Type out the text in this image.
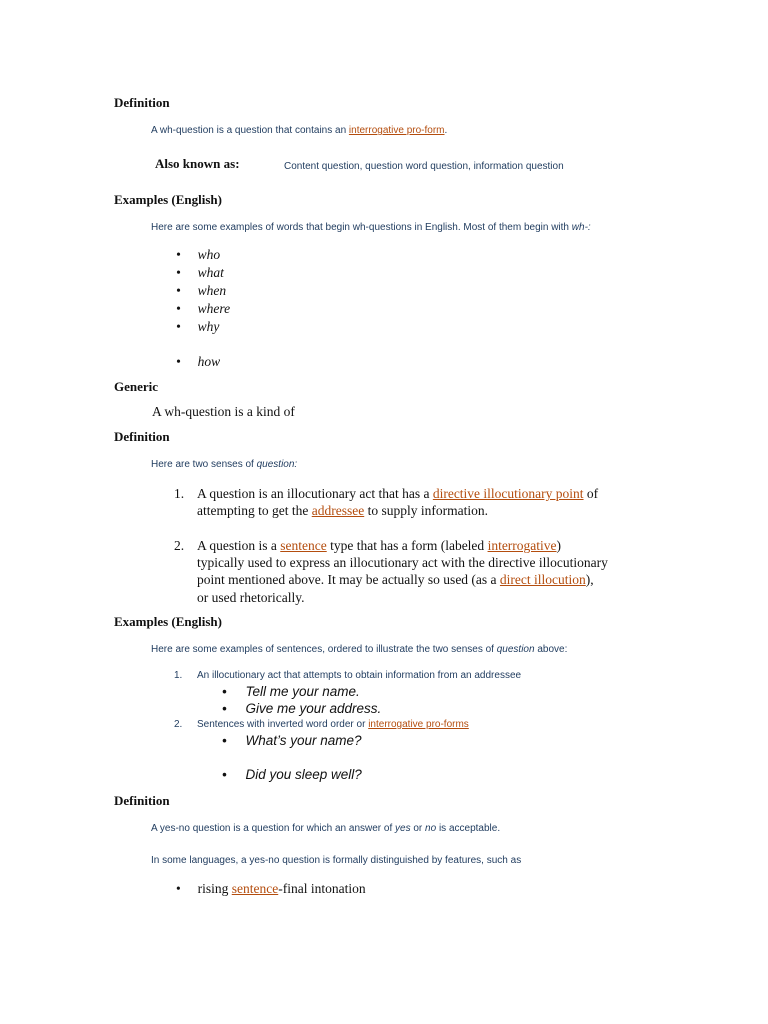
Definition
A wh-question is a question that contains an interrogative pro-form.
Also known as:	Content question, question word question, information question
Examples (English)
Here are some examples of words that begin wh-questions in English. Most of them begin with wh-:
•     who
•     what
•     when
•     where
•     why
•     how
Generic
A wh-question is a kind of
Definition
Here are two senses of question:
1. A question is an illocutionary act that has a directive illocutionary point of
attempting to get the addressee to supply information.
2. A question is a sentence type that has a form (labeled interrogative)
typically used to express an illocutionary act with the directive illocutionary
point mentioned above. It may be actually so used (as a direct illocution),
or used rhetorically.
Examples (English)
Here are some examples of sentences, ordered to illustrate the two senses of question above:
1. An illocutionary act that attempts to obtain information from an addressee
•     Tell me your name.
•     Give me your address.
2. Sentences with inverted word order or interrogative pro-forms
•     What’s your name?
•     Did you sleep well?
Definition
A yes-no question is a question for which an answer of yes or no is acceptable.
In some languages, a yes-no question is formally distinguished by features, such as
•     rising sentence-final intonation
